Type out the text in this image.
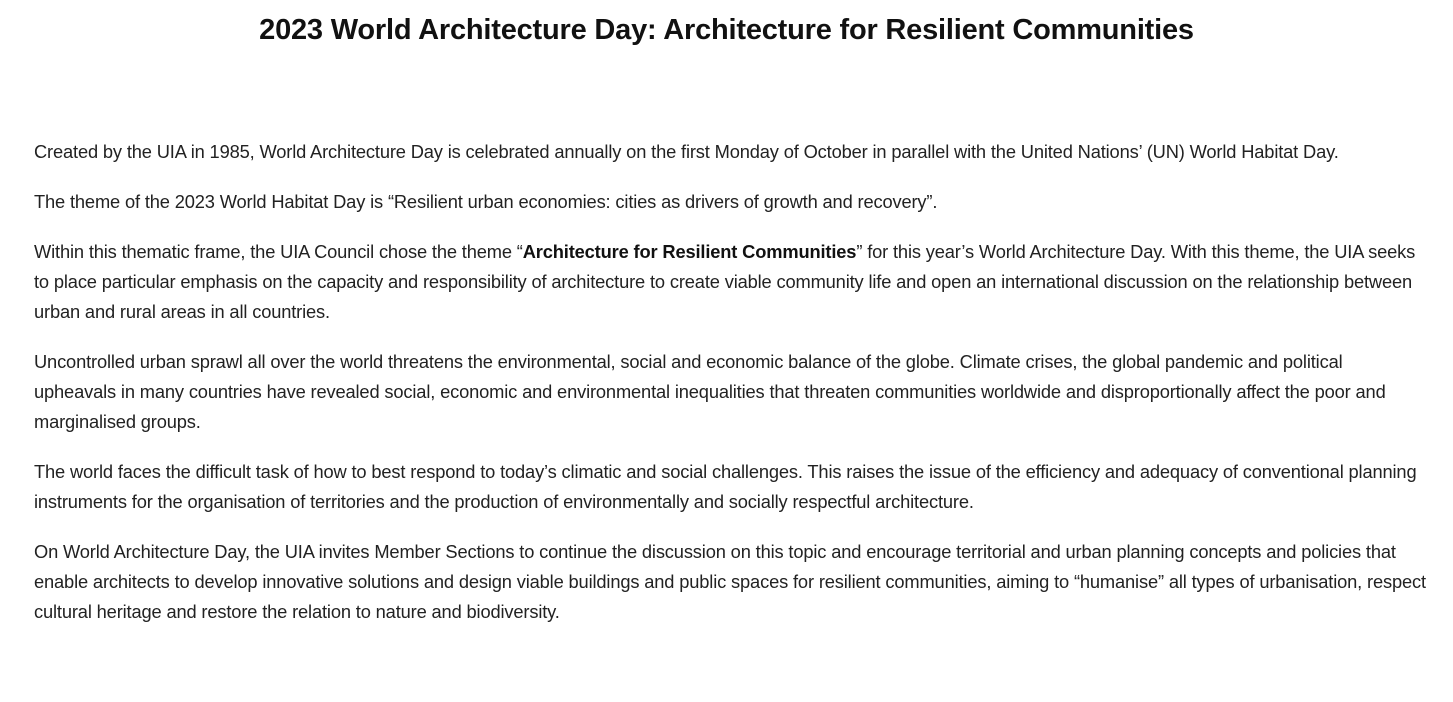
2023 World Architecture Day: Architecture for Resilient Communities

Created by the UIA in 1985, World Architecture Day is celebrated annually on the first Monday of October in parallel with the United Nations’ (UN) World Habitat Day.

The theme of the 2023 World Habitat Day is “Resilient urban economies: cities as drivers of growth and recovery”.

Within this thematic frame, the UIA Council chose the theme “Architecture for Resilient Communities” for this year’s World Architecture Day. With this theme, the UIA seeks to place particular emphasis on the capacity and responsibility of architecture to create viable community life and open an international discussion on the relationship between urban and rural areas in all countries.

Uncontrolled urban sprawl all over the world threatens the environmental, social and economic balance of the globe. Climate crises, the global pandemic and political upheavals in many countries have revealed social, economic and environmental inequalities that threaten communities worldwide and disproportionally affect the poor and marginalised groups.

The world faces the difficult task of how to best respond to today’s climatic and social challenges. This raises the issue of the efficiency and adequacy of conventional planning instruments for the organisation of territories and the production of environmentally and socially respectful architecture.

On World Architecture Day, the UIA invites Member Sections to continue the discussion on this topic and encourage territorial and urban planning concepts and policies that enable architects to develop innovative solutions and design viable buildings and public spaces for resilient communities, aiming to “humanise” all types of urbanisation, respect cultural heritage and restore the relation to nature and biodiversity.
